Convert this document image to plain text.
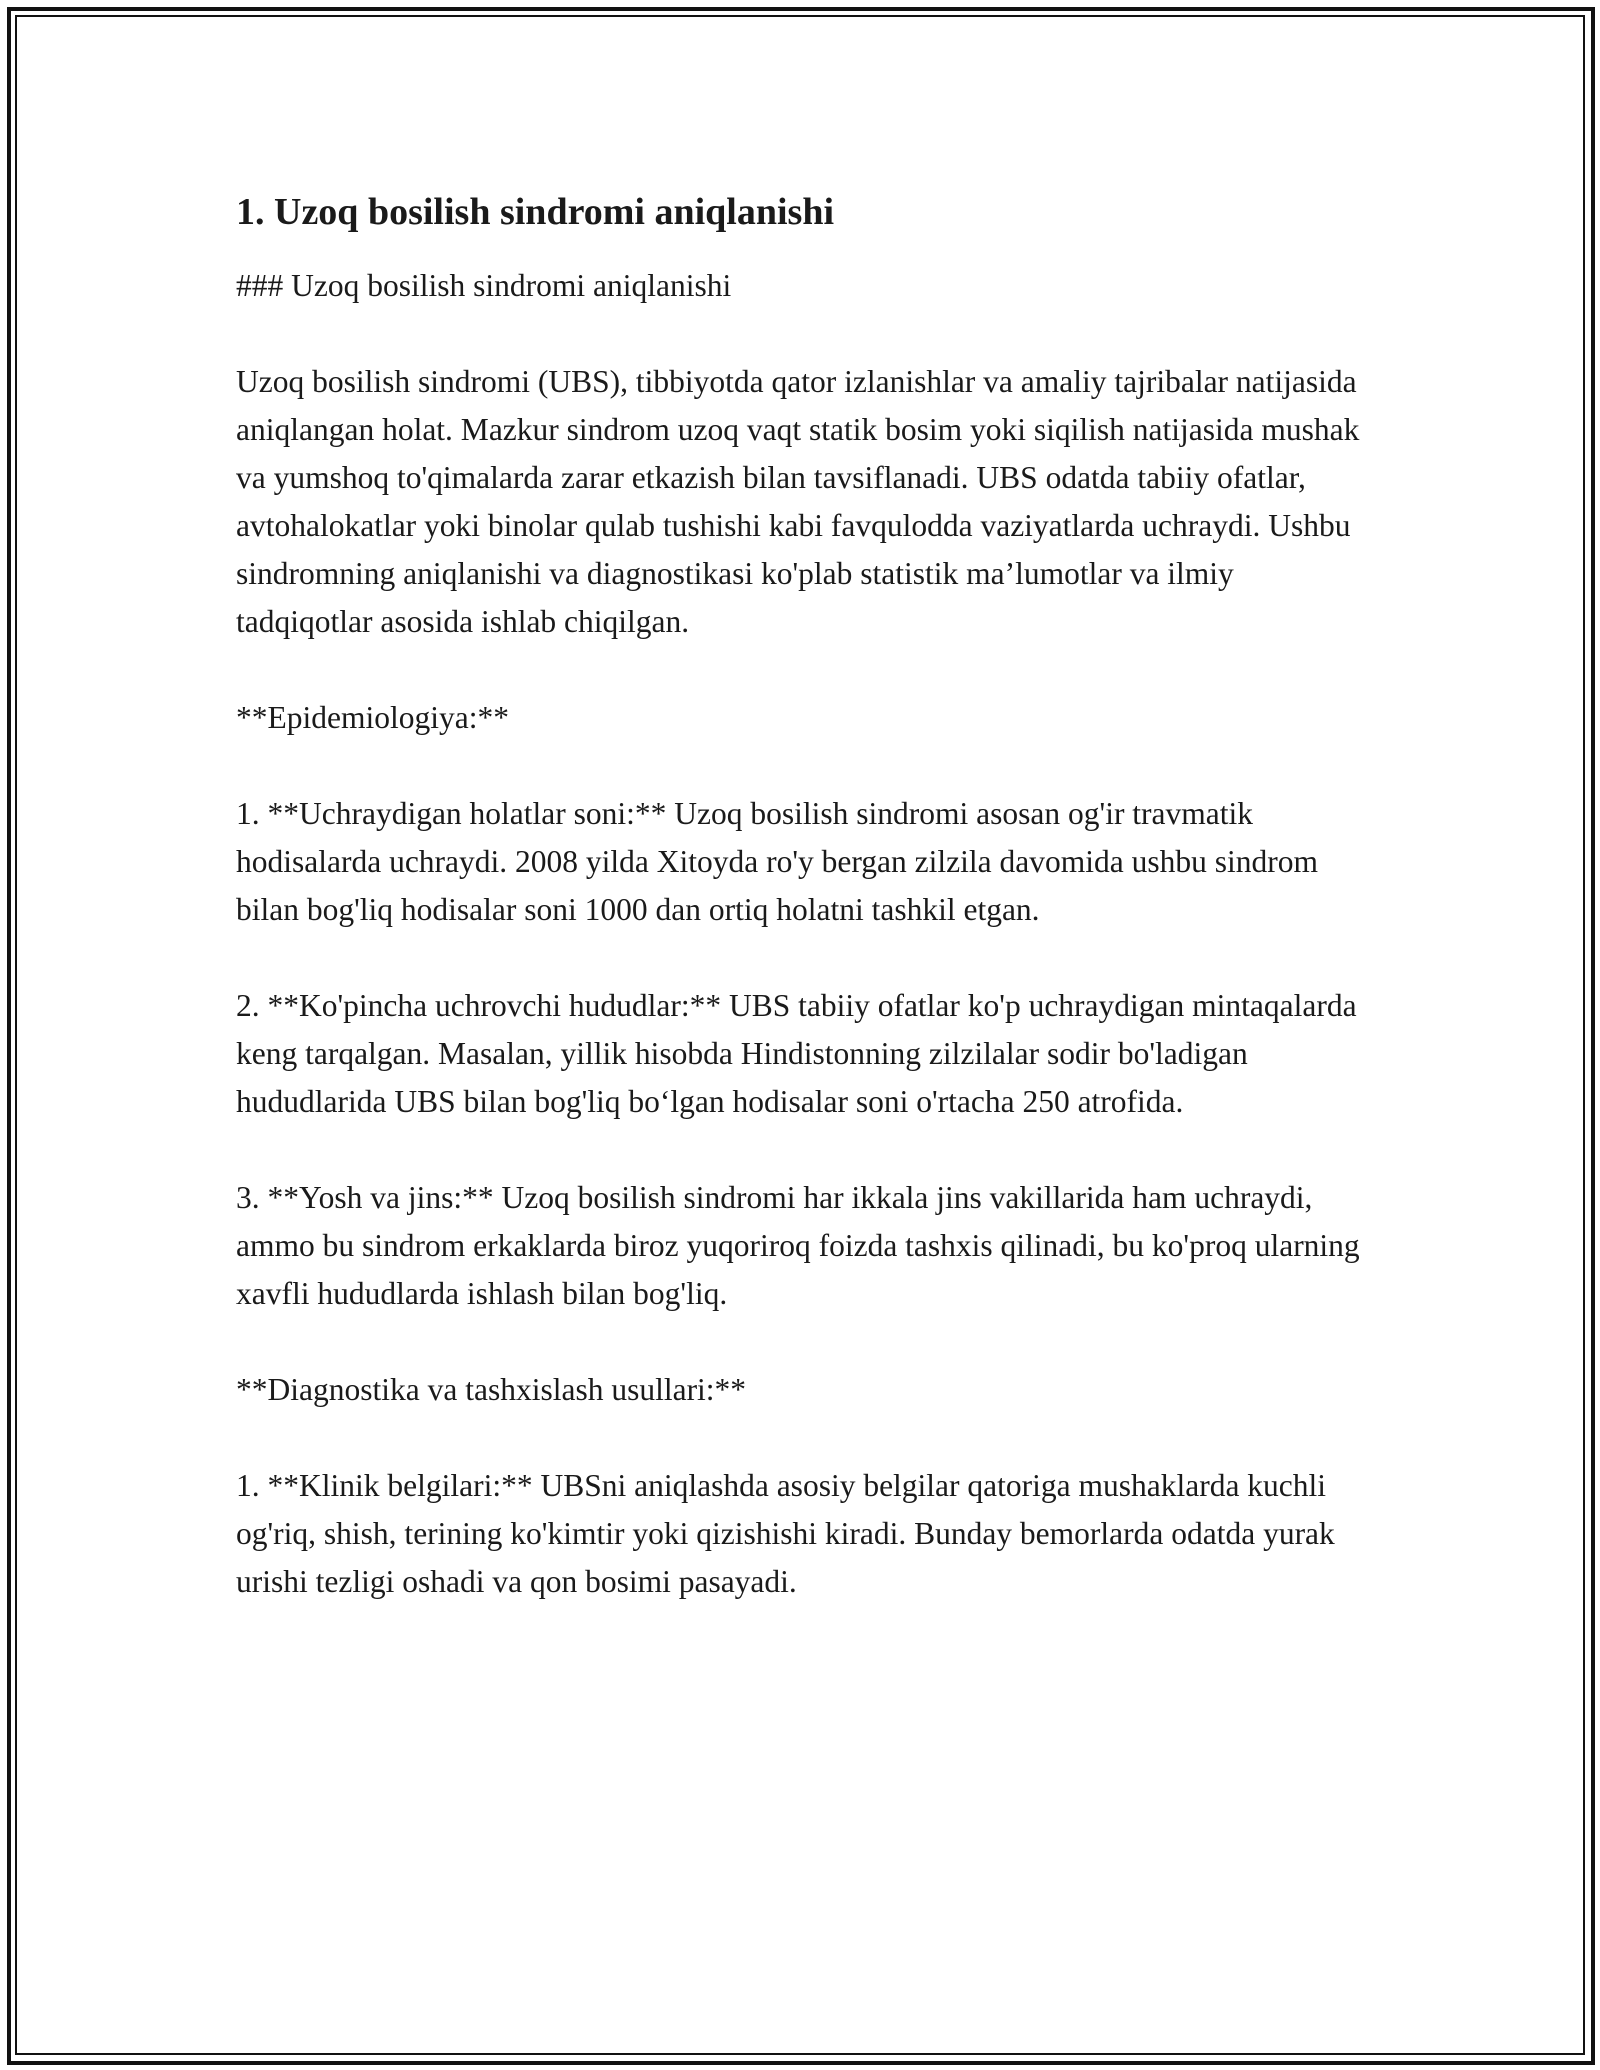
1. Uzoq bosilish sindromi aniqlanishi

### Uzoq bosilish sindromi aniqlanishi

Uzoq bosilish sindromi (UBS), tibbiyotda qator izlanishlar va amaliy tajribalar natijasida aniqlangan holat. Mazkur sindrom uzoq vaqt statik bosim yoki siqilish natijasida mushak va yumshoq to'qimalarda zarar etkazish bilan tavsiflanadi. UBS odatda tabiiy ofatlar, avtohalokatlar yoki binolar qulab tushishi kabi favqulodda vaziyatlarda uchraydi. Ushbu sindromning aniqlanishi va diagnostikasi ko'plab statistik ma’lumotlar va ilmiy tadqiqotlar asosida ishlab chiqilgan.

**Epidemiologiya:**

1. **Uchraydigan holatlar soni:** Uzoq bosilish sindromi asosan og'ir travmatik hodisalarda uchraydi. 2008 yilda Xitoyda ro'y bergan zilzila davomida ushbu sindrom bilan bog'liq hodisalar soni 1000 dan ortiq holatni tashkil etgan.

2. **Ko'pincha uchrovchi hududlar:** UBS tabiiy ofatlar ko'p uchraydigan mintaqalarda keng tarqalgan. Masalan, yillik hisobda Hindistonning zilzilalar sodir bo'ladigan hududlarida UBS bilan bog'liq bo‘lgan hodisalar soni o'rtacha 250 atrofida.

3. **Yosh va jins:** Uzoq bosilish sindromi har ikkala jins vakillarida ham uchraydi, ammo bu sindrom erkaklarda biroz yuqoriroq foizda tashxis qilinadi, bu ko'proq ularning xavfli hududlarda ishlash bilan bog'liq.

**Diagnostika va tashxislash usullari:**

1. **Klinik belgilari:** UBSni aniqlashda asosiy belgilar qatoriga mushaklarda kuchli og'riq, shish, terining ko'kimtir yoki qizishishi kiradi. Bunday bemorlarda odatda yurak urishi tezligi oshadi va qon bosimi pasayadi.
